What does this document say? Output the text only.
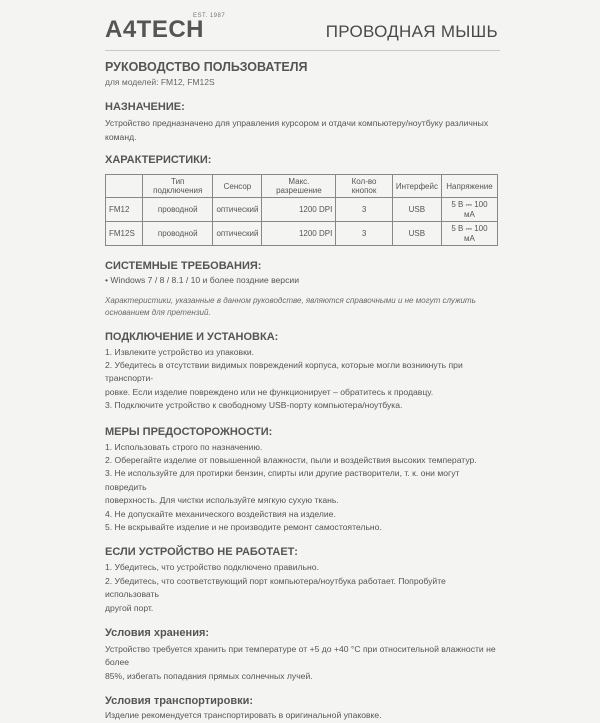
A4TECH
EST. 1987
ПРОВОДНАЯ МЫШЬ
РУКОВОДСТВО ПОЛЬЗОВАТЕЛЯ
для моделей: FM12, FM12S
НАЗНАЧЕНИЕ:
Устройство предназначено для управления курсором и отдачи компьютеру/ноутбуку различных команд.
ХАРАКТЕРИСТИКИ:
	Тип подключения	Сенсор	Макс. разрешение	Кол-во кнопок	Интерфейс	Напряжение
FM12	проводной	оптический	1200 DPI	3	USB	5 В ⎓ 100 мА
FM12S	проводной	оптический	1200 DPI	3	USB	5 В ⎓ 100 мА
СИСТЕМНЫЕ ТРЕБОВАНИЯ:
• Windows 7 / 8 / 8.1 / 10 и более поздние версии
Характеристики, указанные в данном руководстве, являются справочными и не могут служить основанием для претензий.
ПОДКЛЮЧЕНИЕ И УСТАНОВКА:
1. Извлеките устройство из упаковки.
2. Убедитесь в отсутствии видимых повреждений корпуса, которые могли возникнуть при транспорти-
ровке. Если изделие повреждено или не функционирует – обратитесь к продавцу.
3. Подключите устройство к свободному USB-порту компьютера/ноутбука.
МЕРЫ ПРЕДОСТОРОЖНОСТИ:
1. Использовать строго по назначению.
2. Оберегайте изделие от повышенной влажности, пыли и воздействия высоких температур.
3. Не используйте для протирки бензин, спирты или другие растворители, т. к. они могут повредить
поверхность. Для чистки используйте мягкую сухую ткань.
4. Не допускайте механического воздействия на изделие.
5. Не вскрывайте изделие и не производите ремонт самостоятельно.
ЕСЛИ УСТРОЙСТВО НЕ РАБОТАЕТ:
1. Убедитесь, что устройство подключено правильно.
2. Убедитесь, что соответствующий порт компьютера/ноутбука работает. Попробуйте использовать
другой порт.
Условия хранения:
Устройство требуется хранить при температуре от +5 до +40 °С при относительной влажности не более
85%, избегать попадания прямых солнечных лучей.
Условия транспортировки:
Изделие рекомендуется транспортировать в оригинальной упаковке.
